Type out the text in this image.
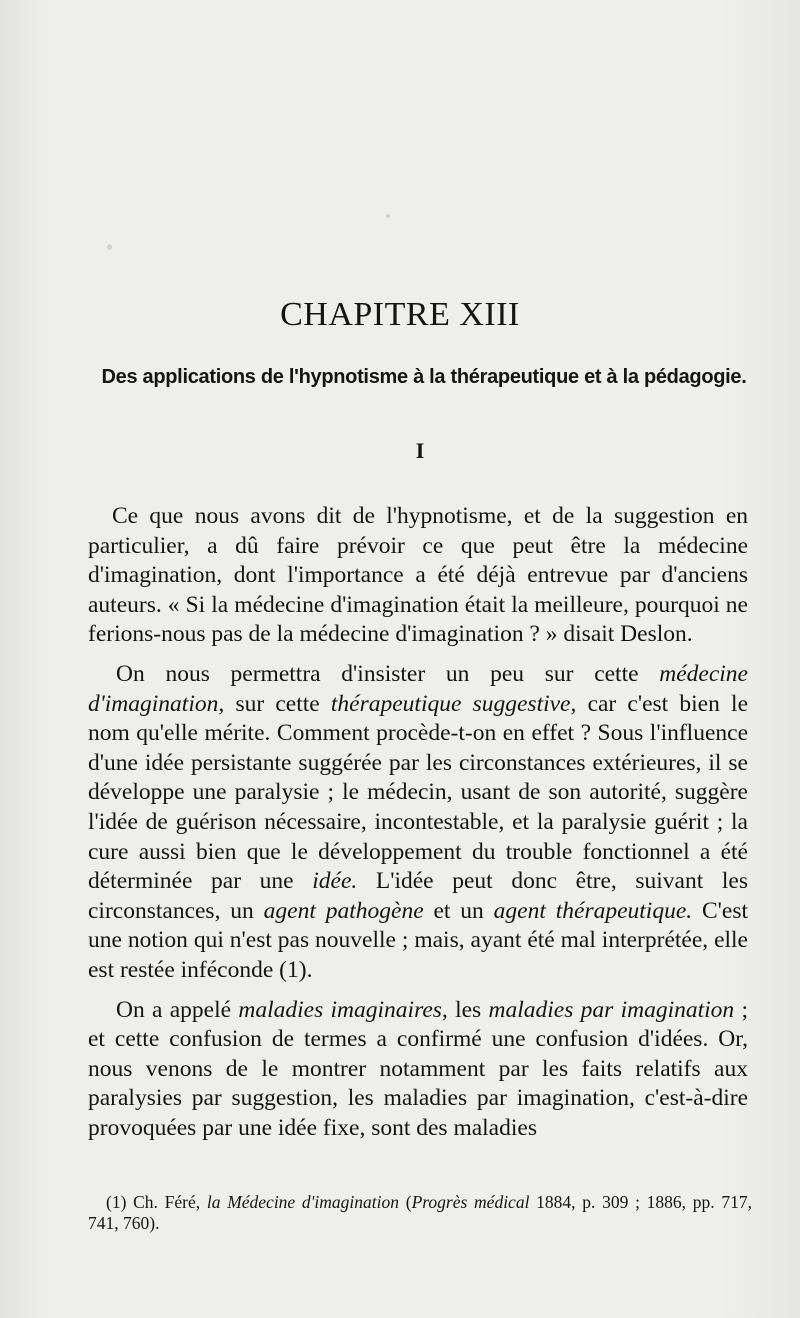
CHAPITRE XIII
Des applications de l'hypnotisme à la thérapeutique et à la pédagogie.
I

Ce que nous avons dit de l'hypnotisme, et de la suggestion en particulier, a dû faire prévoir ce que peut être la médecine d'imagination, dont l'importance a été déjà entrevue par d'anciens auteurs. « Si la médecine d'imagination était la meilleure, pourquoi ne ferions-nous pas de la médecine d'imagination ? » disait Deslon.

On nous permettra d'insister un peu sur cette médecine d'imagination, sur cette thérapeutique suggestive, car c'est bien le nom qu'elle mérite. Comment procède-t-on en effet ? Sous l'influence d'une idée persistante suggérée par les circonstances extérieures, il se développe une paralysie ; le médecin, usant de son autorité, suggère l'idée de guérison nécessaire, incontestable, et la paralysie guérit ; la cure aussi bien que le développement du trouble fonctionnel a été déterminée par une idée. L'idée peut donc être, suivant les circonstances, un agent pathogène et un agent thérapeutique. C'est une notion qui n'est pas nouvelle ; mais, ayant été mal interprétée, elle est restée inféconde (1).

On a appelé maladies imaginaires, les maladies par imagination ; et cette confusion de termes a confirmé une confusion d'idées. Or, nous venons de le montrer notamment par les faits relatifs aux paralysies par suggestion, les maladies par imagination, c'est-à-dire provoquées par une idée fixe, sont des maladies

(1) Ch. Féré, la Médecine d'imagination (Progrès médical 1884, p. 309 ; 1886, pp. 717, 741, 760).
